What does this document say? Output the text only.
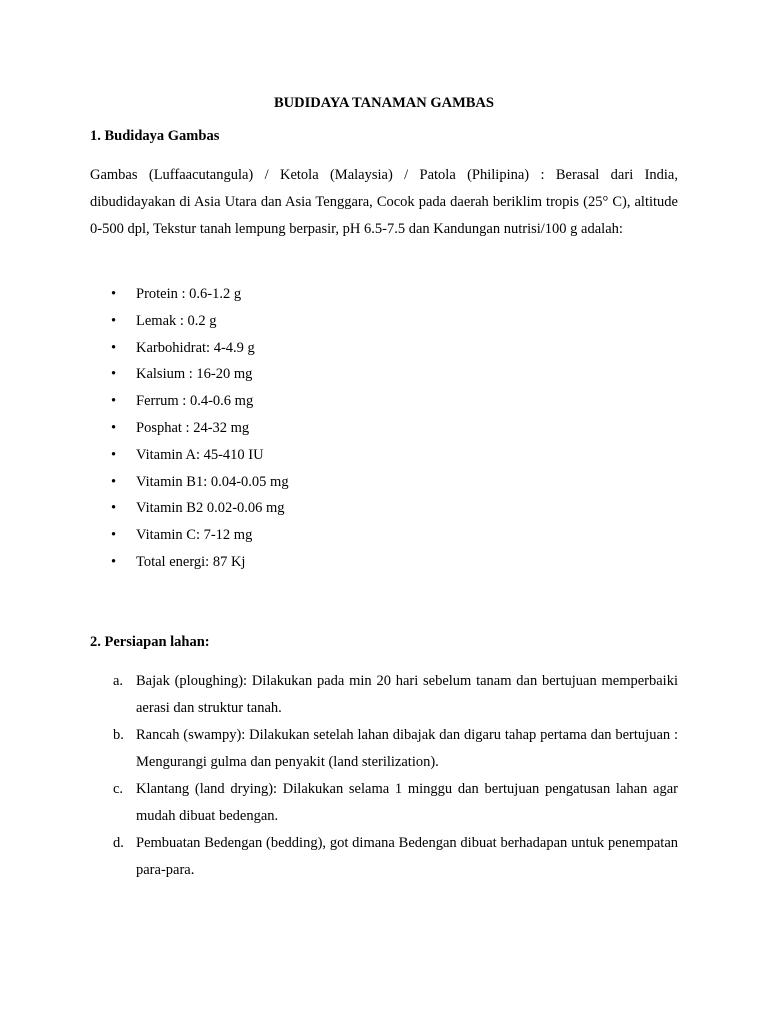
BUDIDAYA TANAMAN GAMBAS
1. Budidaya Gambas
Gambas (Luffaacutangula) / Ketola (Malaysia) / Patola (Philipina) : Berasal dari India, dibudidayakan di Asia Utara dan Asia Tenggara, Cocok pada daerah beriklim tropis (25° C), altitude 0-500 dpl, Tekstur tanah lempung berpasir, pH 6.5-7.5 dan Kandungan nutrisi/100 g adalah:
• Protein : 0.6-1.2 g
• Lemak : 0.2 g
• Karbohidrat: 4-4.9 g
• Kalsium : 16-20 mg
• Ferrum : 0.4-0.6 mg
• Posphat : 24-32 mg
• Vitamin A: 45-410 IU
• Vitamin B1: 0.04-0.05 mg
• Vitamin B2 0.02-0.06 mg
• Vitamin C: 7-12 mg
• Total energi: 87 Kj
2. Persiapan lahan:
a. Bajak (ploughing): Dilakukan pada min 20 hari sebelum tanam dan bertujuan memperbaiki aerasi dan struktur tanah.
b. Rancah (swampy): Dilakukan setelah lahan dibajak dan digaru tahap pertama dan bertujuan : Mengurangi gulma dan penyakit (land sterilization).
c. Klantang (land drying): Dilakukan selama 1 minggu dan bertujuan pengatusan lahan agar mudah dibuat bedengan.
d. Pembuatan Bedengan (bedding), got dimana Bedengan dibuat berhadapan untuk penempatan para-para.
